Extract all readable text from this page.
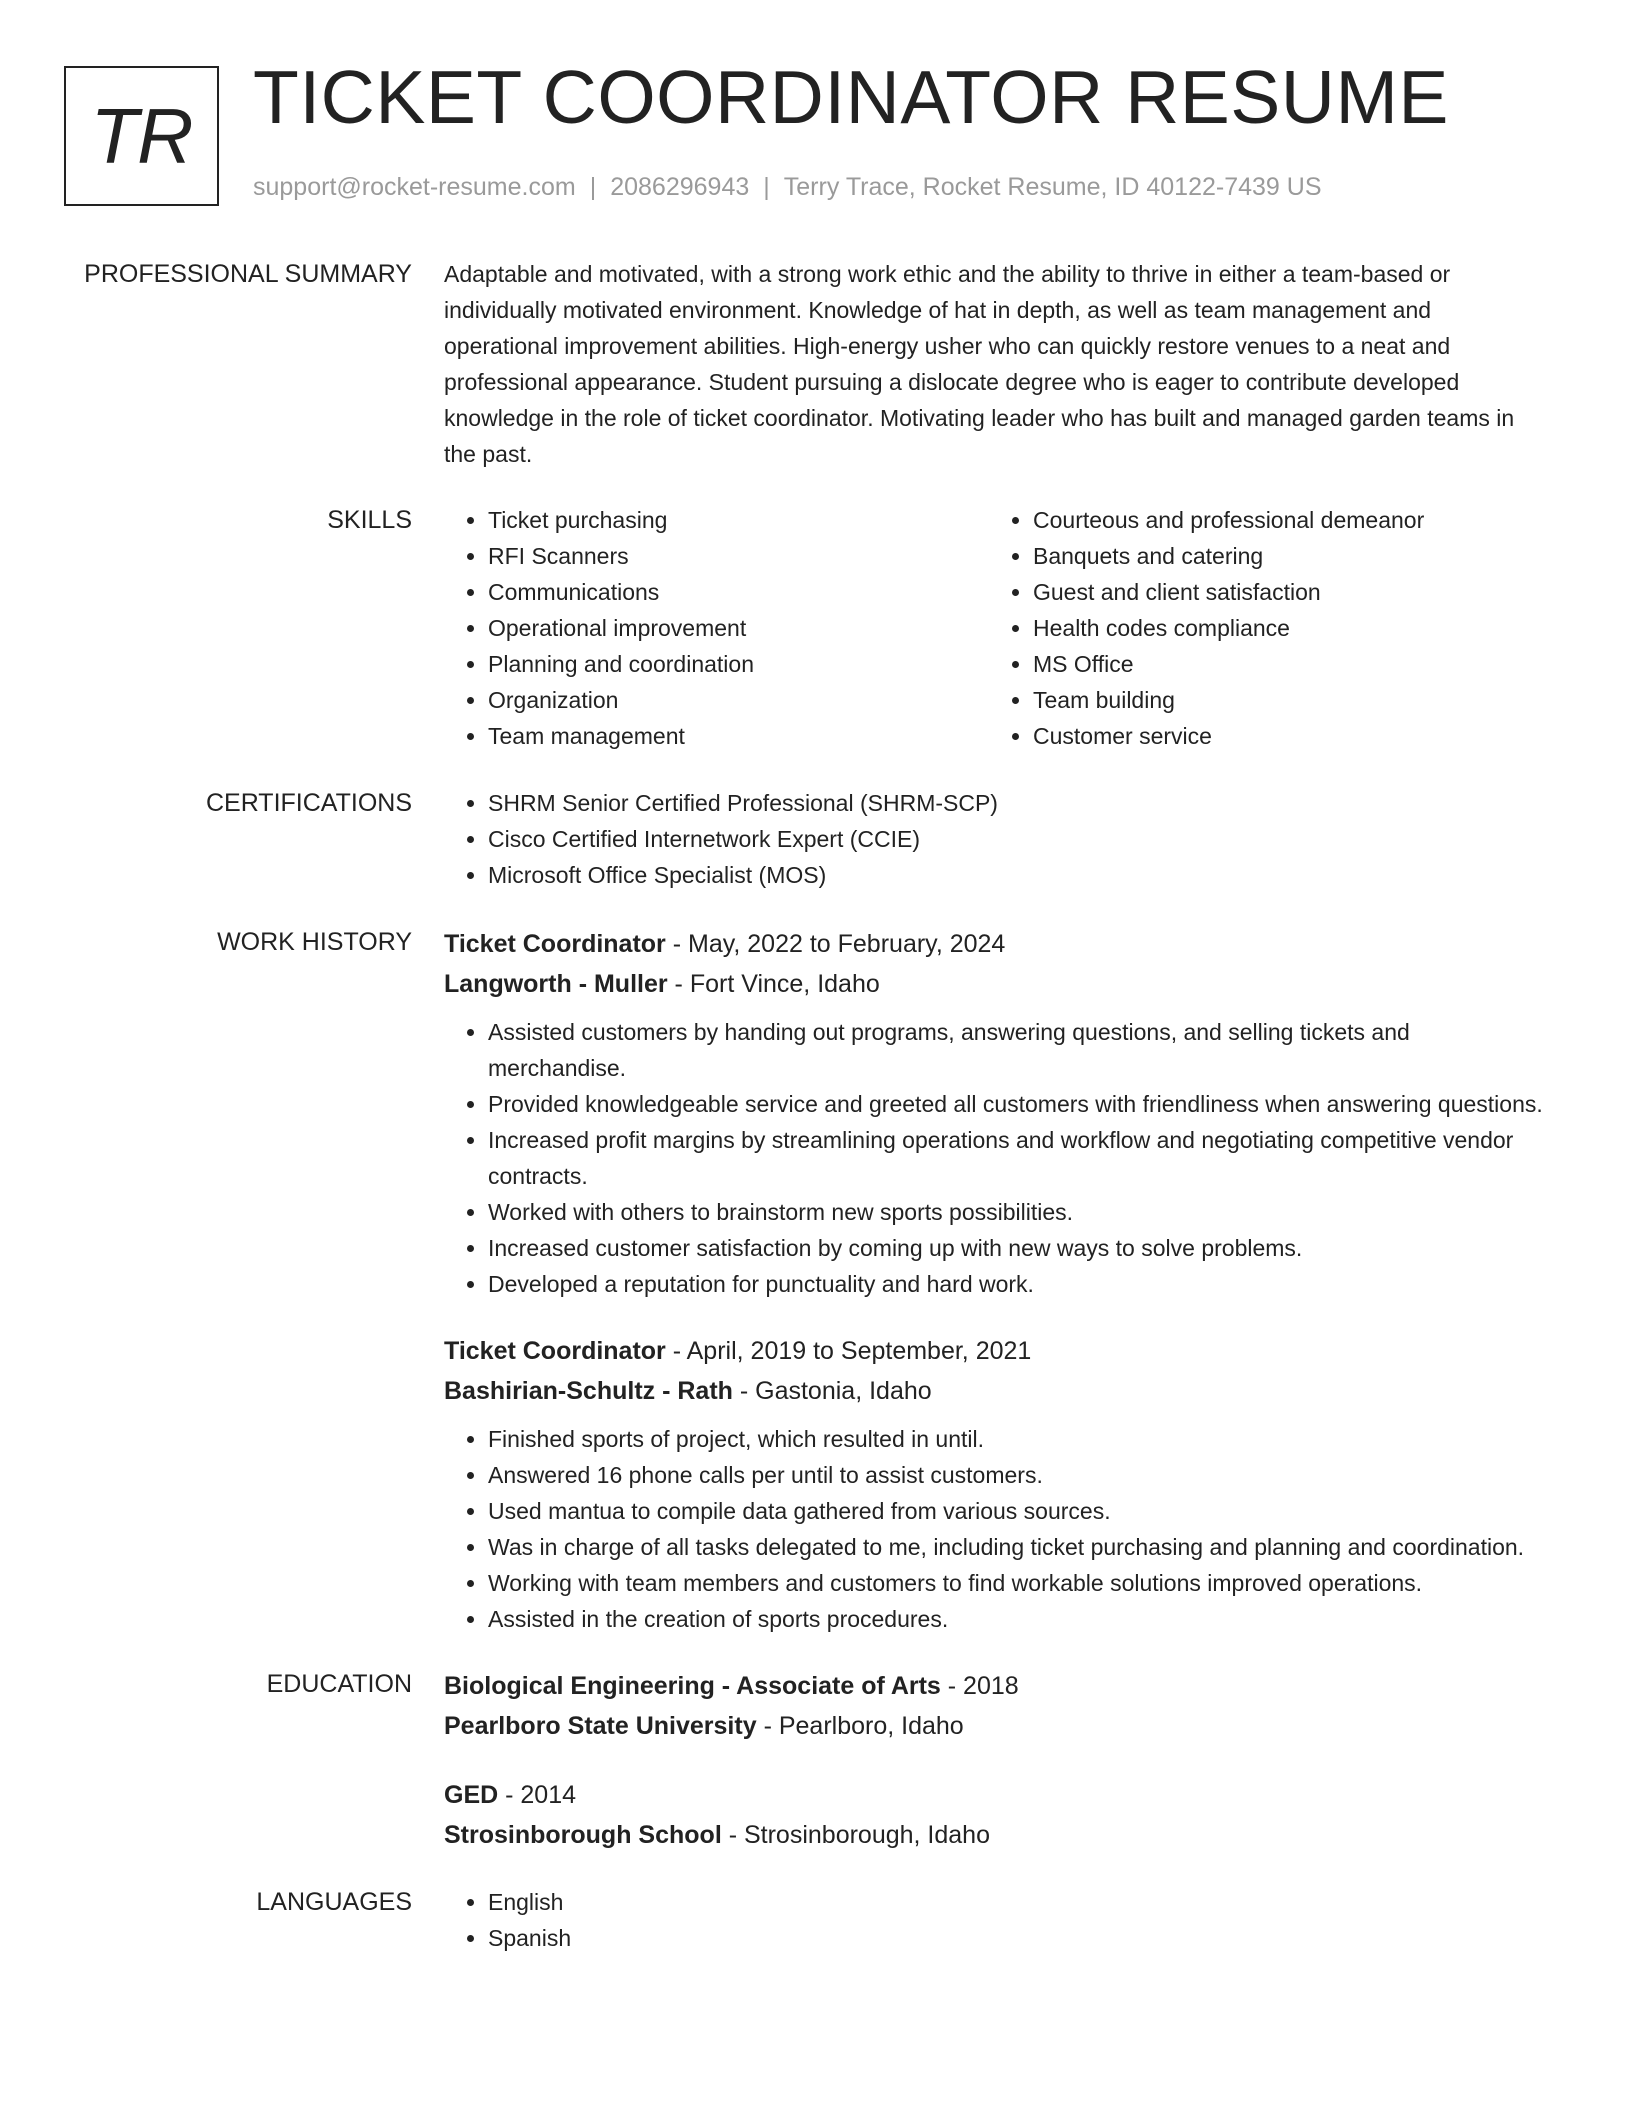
TR TICKET COORDINATOR RESUME
support@rocket-resume.com | 2086296943 | Terry Trace, Rocket Resume, ID 40122-7439 US
PROFESSIONAL SUMMARY Adaptable and motivated, with a strong work ethic and the ability to thrive in either a team-based or individually motivated environment. Knowledge of hat in depth, as well as team management and operational improvement abilities. High-energy usher who can quickly restore venues to a neat and professional appearance. Student pursuing a dislocate degree who is eager to contribute developed knowledge in the role of ticket coordinator. Motivating leader who has built and managed garden teams in the past.

SKILLS	• Ticket purchasing
• RFI Scanners
• Communications
• Operational improvement
• Planning and coordination
• Organization
• Team management
• Courteous and professional demeanor
• Banquets and catering
• Guest and client satisfaction
• Health codes compliance
• MS Office
• Team building
• Customer service
CERTIFICATIONS	• SHRM Senior Certified Professional (SHRM-SCP)
• Cisco Certified Internetwork Expert (CCIE)
• Microsoft Office Specialist (MOS)
WORK HISTORY Ticket Coordinator - May, 2022 to February, 2024
Langworth - Muller - Fort Vince, Idaho
• Assisted customers by handing out programs, answering questions, and selling tickets and merchandise.
• Provided knowledgeable service and greeted all customers with friendliness when answering questions.
• Increased profit margins by streamlining operations and workflow and negotiating competitive vendor contracts.
• Worked with others to brainstorm new sports possibilities.
• Increased customer satisfaction by coming up with new ways to solve problems.
• Developed a reputation for punctuality and hard work.
Ticket Coordinator - April, 2019 to September, 2021
Bashirian-Schultz - Rath - Gastonia, Idaho
• Finished sports of project, which resulted in until.
• Answered 16 phone calls per until to assist customers.
• Used mantua to compile data gathered from various sources.
• Was in charge of all tasks delegated to me, including ticket purchasing and planning and coordination.
• Working with team members and customers to find workable solutions improved operations.
• Assisted in the creation of sports procedures.
EDUCATION Biological Engineering - Associate of Arts - 2018
Pearlboro State University - Pearlboro, Idaho
GED - 2014
Strosinborough School - Strosinborough, Idaho
LANGUAGES	• English
• Spanish
